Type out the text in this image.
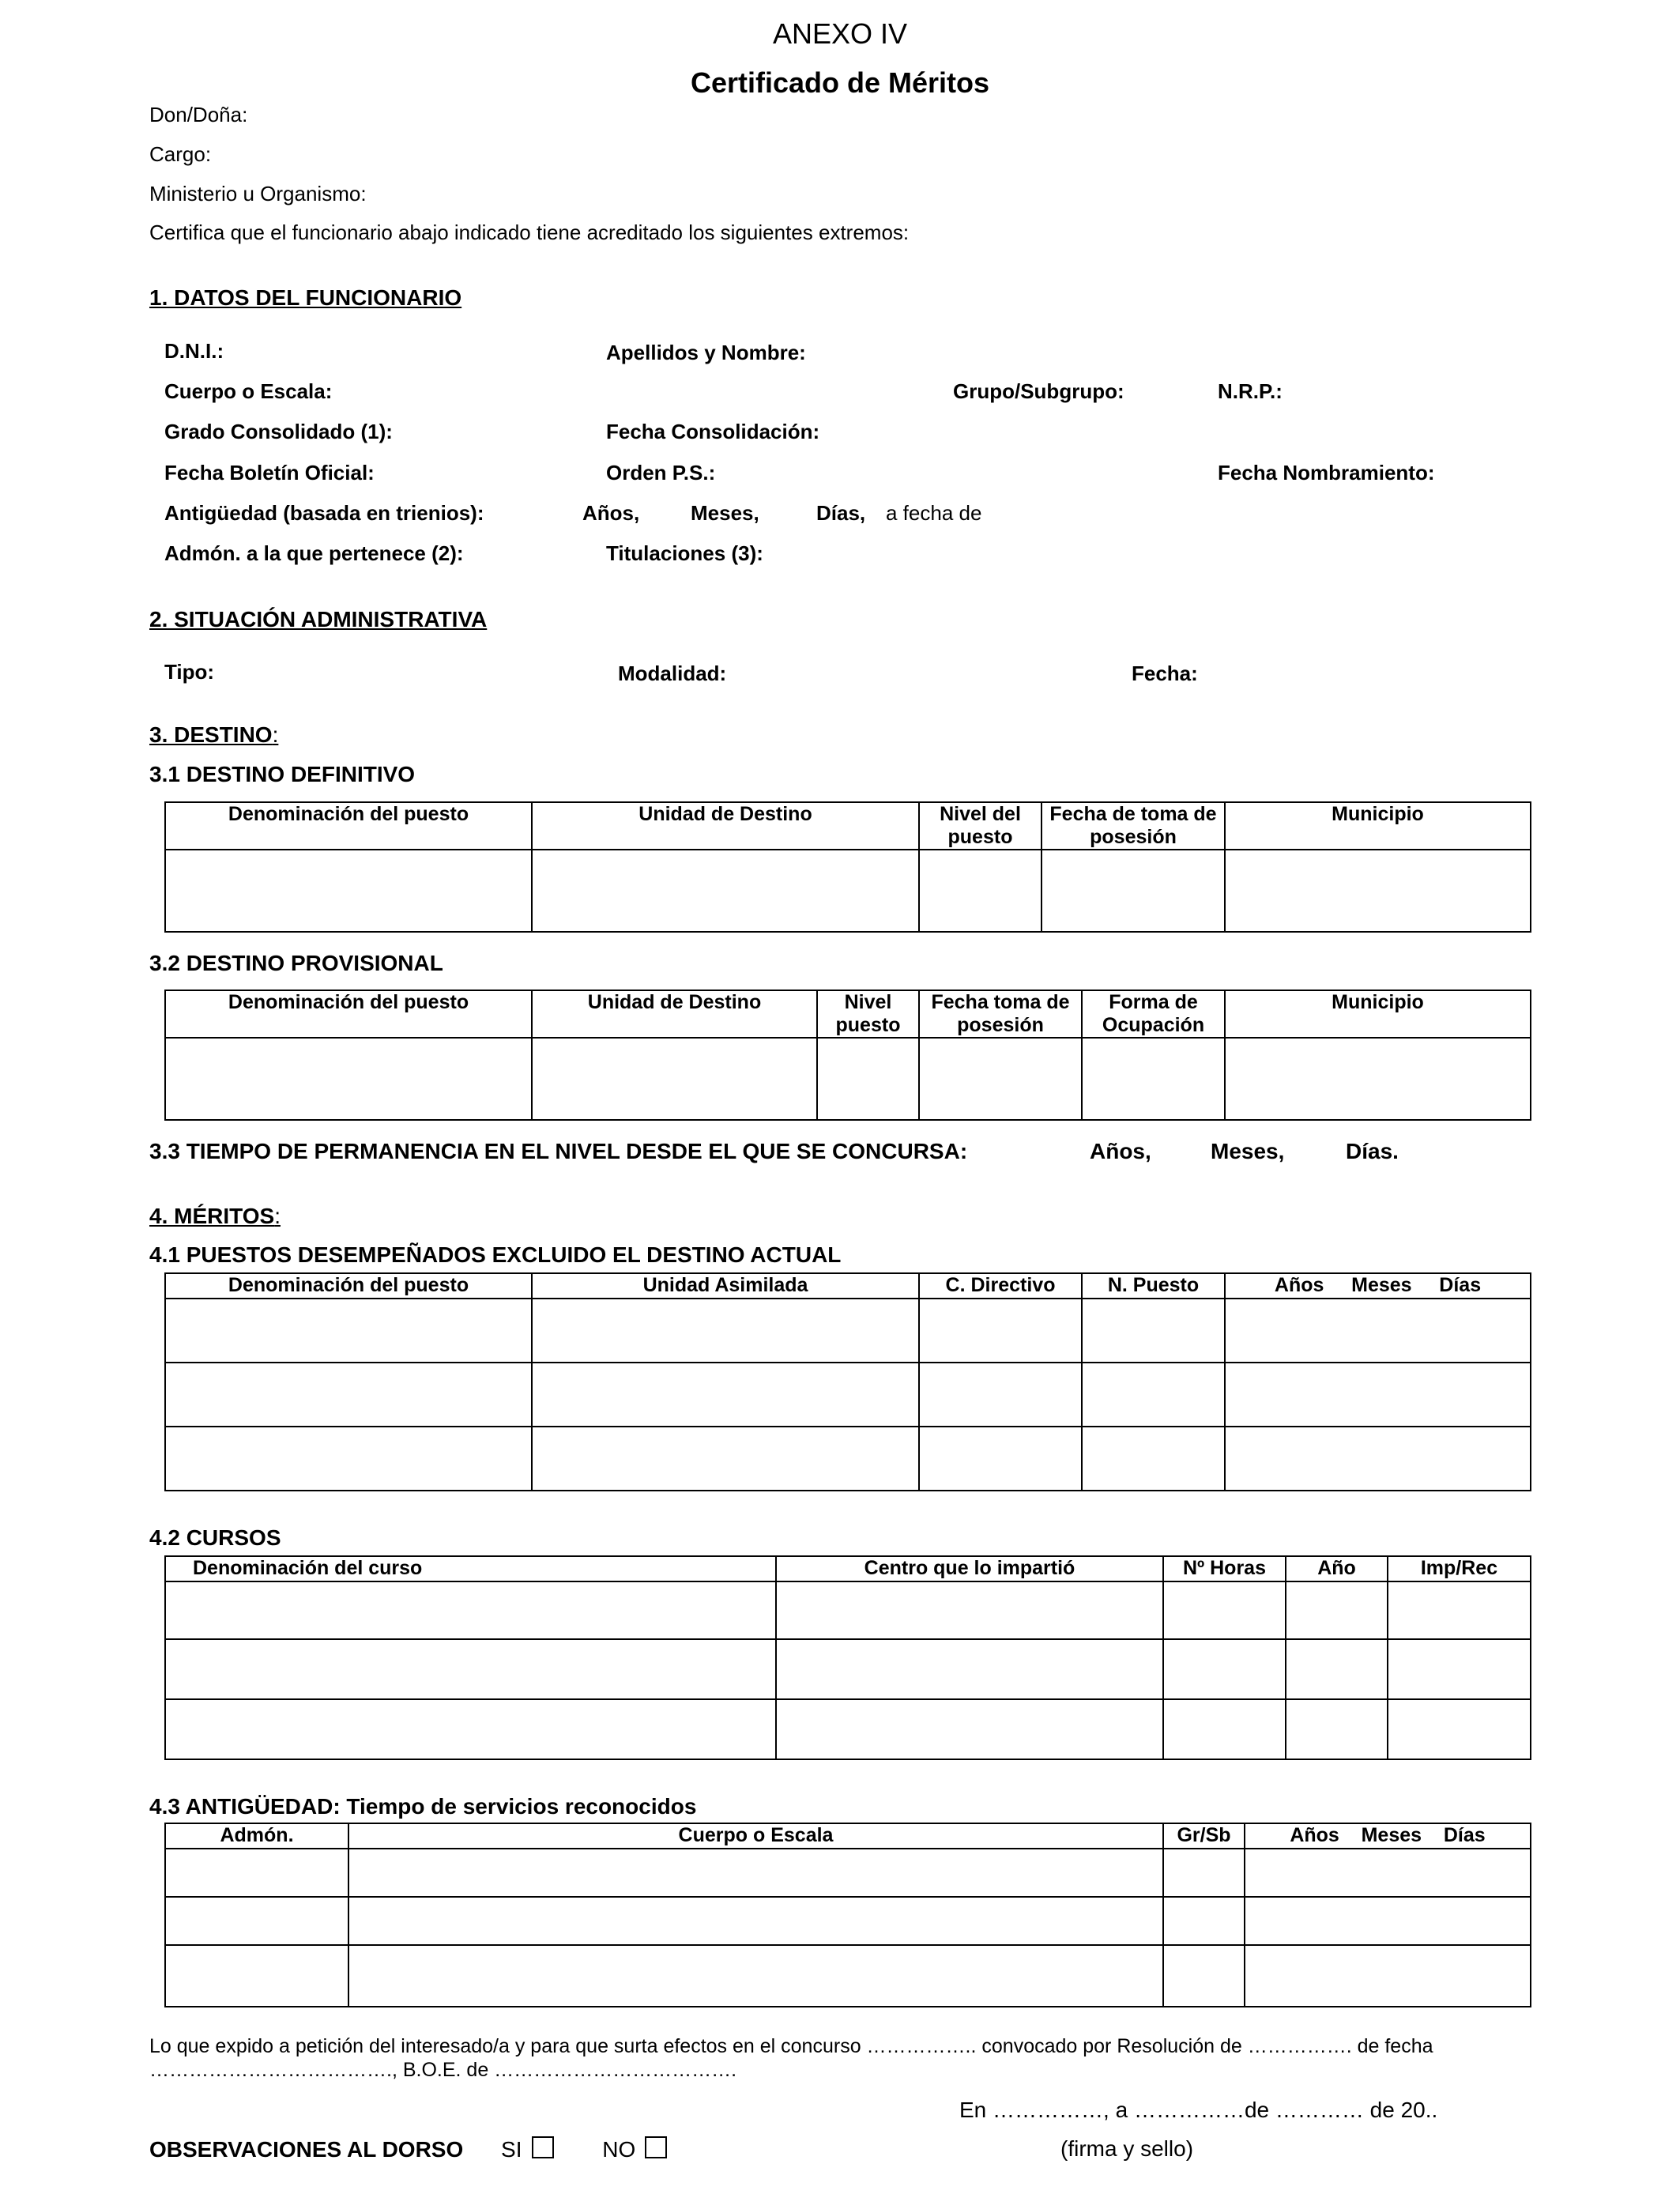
ANEXO IV
Certificado de Méritos
Don/Doña:
Cargo:
Ministerio u Organismo:
Certifica que el funcionario abajo indicado tiene acreditado los siguientes extremos:
1. DATOS DEL FUNCIONARIO
D.N.I.:	Apellidos y Nombre:
Cuerpo o Escala:	Grupo/Subgrupo:	N.R.P.:
Grado Consolidado (1):	Fecha Consolidación:
Fecha Boletín Oficial:	Orden P.S.:	Fecha Nombramiento:
Antigüedad (basada en trienios):	Años, Meses,	Días, a fecha de
Admón. a la que pertenece (2):	Titulaciones (3):
2. SITUACIÓN ADMINISTRATIVA
Tipo:	Modalidad:	Fecha:
3. DESTINO:
3.1 DESTINO DEFINITIVO
Denominación del puesto	Unidad de Destino	Nivel del puesto	Fecha de toma de posesión	Municipio

3.2 DESTINO PROVISIONAL
Denominación del puesto	Unidad de Destino	Nivel puesto	Fecha toma de posesión	Forma de Ocupación	Municipio

3.3 TIEMPO DE PERMANENCIA EN EL NIVEL DESDE EL QUE SE CONCURSA:	Años,	Meses,	Días.
4. MÉRITOS:
4.1 PUESTOS DESEMPEÑADOS EXCLUIDO EL DESTINO ACTUAL
Denominación del puesto	Unidad Asimilada	C. Directivo	N. Puesto	Años     Meses     Días

4.2 CURSOS
Denominación del curso	Centro que lo impartió	Nº Horas	Año	Imp/Rec

4.3 ANTIGÜEDAD: Tiempo de servicios reconocidos
Admón.	Cuerpo o Escala	Gr/Sb	Años    Meses    Días

Lo que expido a petición del interesado/a y para que surta efectos en el concurso …………….. convocado por Resolución de ……………. de fecha
………………………………., B.O.E. de ……………………………….
En ……………, a ……………de ………… de 20..
OBSERVACIONES AL DORSO SI	NO	(firma y sello)
